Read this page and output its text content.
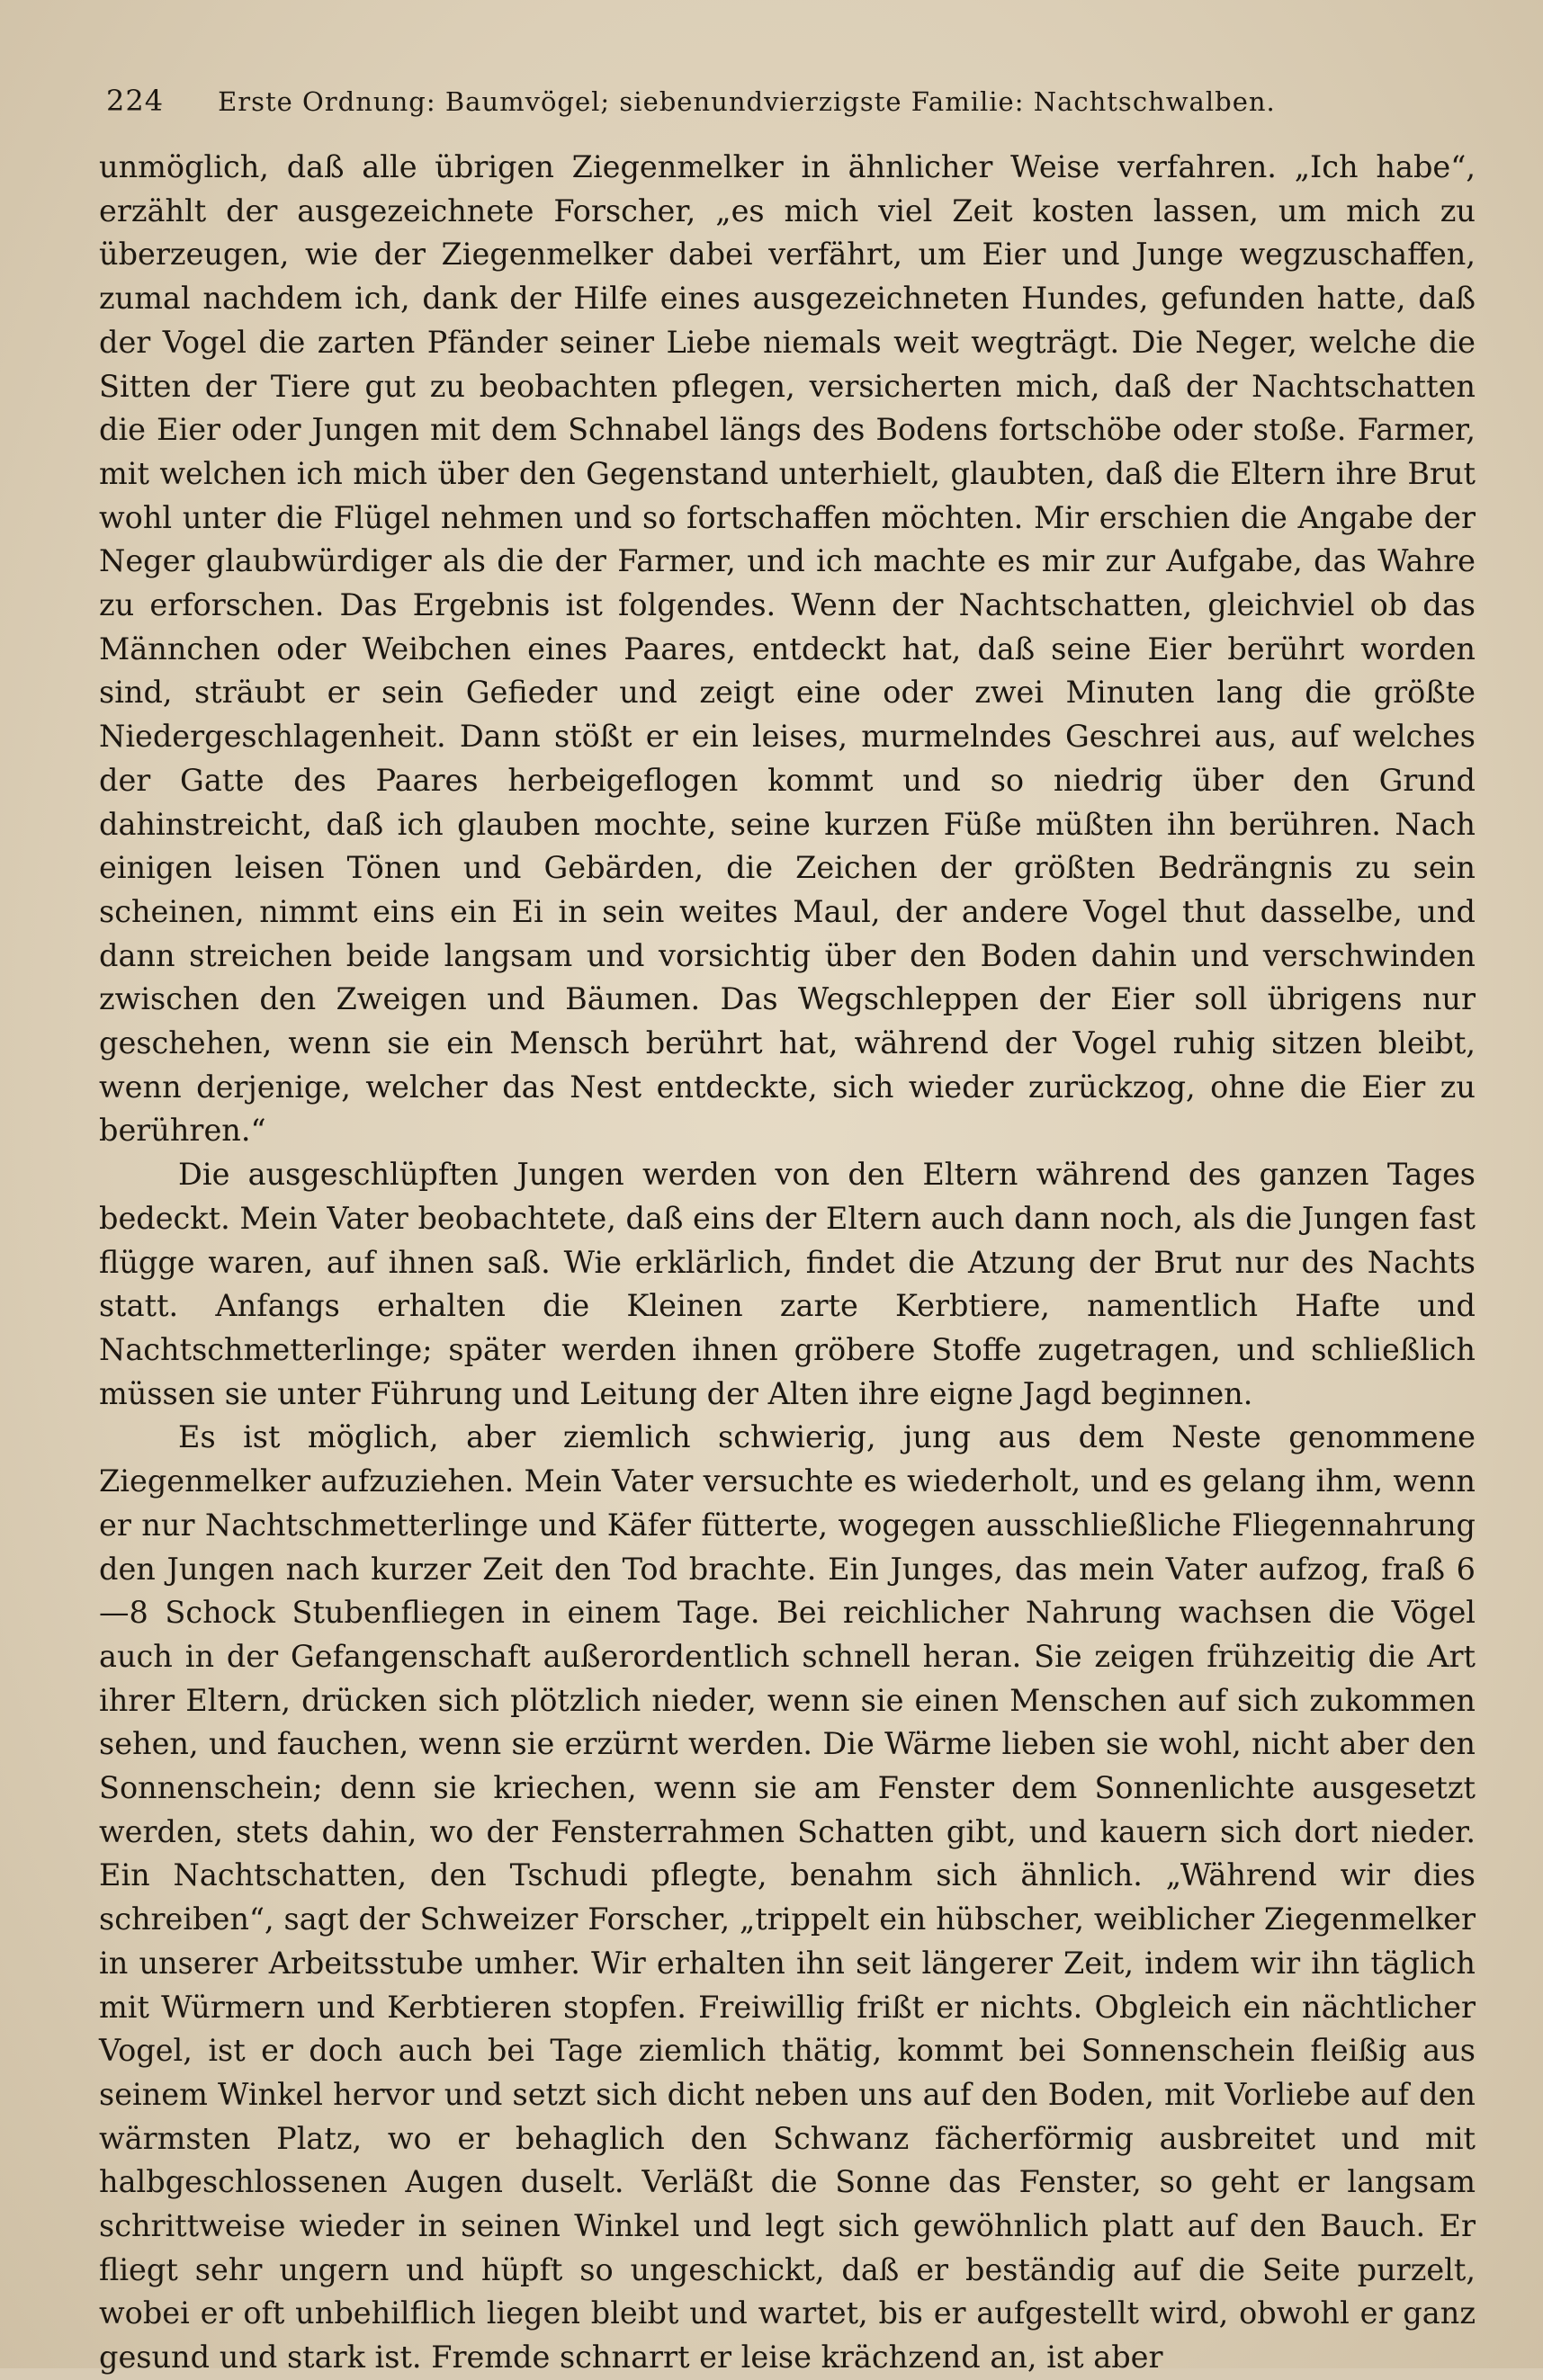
224 Erste Ordnung: Baumvögel; siebenundvierzigste Familie: Nachtschwalben.

unmöglich, daß alle übrigen Ziegenmelker in ähnlicher Weise verfahren. „Ich habe“, erzählt der ausgezeichnete Forscher, „es mich viel Zeit kosten lassen, um mich zu überzeugen, wie der Ziegenmelker dabei verfährt, um Eier und Junge wegzuschaffen, zumal nachdem ich, dank der Hilfe eines ausgezeichneten Hundes, gefunden hatte, daß der Vogel die zarten Pfänder seiner Liebe niemals weit wegträgt. Die Neger, welche die Sitten der Tiere gut zu beobachten pflegen, versicherten mich, daß der Nachtschatten die Eier oder Jungen mit dem Schnabel längs des Bodens fortschöbe oder stoße. Farmer, mit welchen ich mich über den Gegenstand unterhielt, glaubten, daß die Eltern ihre Brut wohl unter die Flügel nehmen und so fortschaffen möchten. Mir erschien die Angabe der Neger glaubwürdiger als die der Farmer, und ich machte es mir zur Aufgabe, das Wahre zu erforschen. Das Ergebnis ist folgendes. Wenn der Nachtschatten, gleichviel ob das Männchen oder Weibchen eines Paares, entdeckt hat, daß seine Eier berührt worden sind, sträubt er sein Gefieder und zeigt eine oder zwei Minuten lang die größte Niedergeschlagenheit. Dann stößt er ein leises, murmelndes Geschrei aus, auf welches der Gatte des Paares herbeigeflogen kommt und so niedrig über den Grund dahinstreicht, daß ich glauben mochte, seine kurzen Füße müßten ihn berühren. Nach einigen leisen Tönen und Gebärden, die Zeichen der größten Bedrängnis zu sein scheinen, nimmt eins ein Ei in sein weites Maul, der andere Vogel thut dasselbe, und dann streichen beide langsam und vorsichtig über den Boden dahin und verschwinden zwischen den Zweigen und Bäumen. Das Wegschleppen der Eier soll übrigens nur geschehen, wenn sie ein Mensch berührt hat, während der Vogel ruhig sitzen bleibt, wenn derjenige, welcher das Nest entdeckte, sich wieder zurückzog, ohne die Eier zu berühren.“

Die ausgeschlüpften Jungen werden von den Eltern während des ganzen Tages bedeckt. Mein Vater beobachtete, daß eins der Eltern auch dann noch, als die Jungen fast flügge waren, auf ihnen saß. Wie erklärlich, findet die Atzung der Brut nur des Nachts statt. Anfangs erhalten die Kleinen zarte Kerbtiere, namentlich Hafte und Nachtschmetterlinge; später werden ihnen gröbere Stoffe zugetragen, und schließlich müssen sie unter Führung und Leitung der Alten ihre eigne Jagd beginnen.

Es ist möglich, aber ziemlich schwierig, jung aus dem Neste genommene Ziegenmelker aufzuziehen. Mein Vater versuchte es wiederholt, und es gelang ihm, wenn er nur Nachtschmetterlinge und Käfer fütterte, wogegen ausschließliche Fliegennahrung den Jungen nach kurzer Zeit den Tod brachte. Ein Junges, das mein Vater aufzog, fraß 6—8 Schock Stubenfliegen in einem Tage. Bei reichlicher Nahrung wachsen die Vögel auch in der Gefangenschaft außerordentlich schnell heran. Sie zeigen frühzeitig die Art ihrer Eltern, drücken sich plötzlich nieder, wenn sie einen Menschen auf sich zukommen sehen, und fauchen, wenn sie erzürnt werden. Die Wärme lieben sie wohl, nicht aber den Sonnenschein; denn sie kriechen, wenn sie am Fenster dem Sonnenlichte ausgesetzt werden, stets dahin, wo der Fensterrahmen Schatten gibt, und kauern sich dort nieder. Ein Nachtschatten, den Tschudi pflegte, benahm sich ähnlich. „Während wir dies schreiben“, sagt der Schweizer Forscher, „trippelt ein hübscher, weiblicher Ziegenmelker in unserer Arbeitsstube umher. Wir erhalten ihn seit längerer Zeit, indem wir ihn täglich mit Würmern und Kerbtieren stopfen. Freiwillig frißt er nichts. Obgleich ein nächtlicher Vogel, ist er doch auch bei Tage ziemlich thätig, kommt bei Sonnenschein fleißig aus seinem Winkel hervor und setzt sich dicht neben uns auf den Boden, mit Vorliebe auf den wärmsten Platz, wo er behaglich den Schwanz fächerförmig ausbreitet und mit halbgeschlossenen Augen duselt. Verläßt die Sonne das Fenster, so geht er langsam schrittweise wieder in seinen Winkel und legt sich gewöhnlich platt auf den Bauch. Er fliegt sehr ungern und hüpft so ungeschickt, daß er beständig auf die Seite purzelt, wobei er oft unbehilflich liegen bleibt und wartet, bis er aufgestellt wird, obwohl er ganz gesund und stark ist. Fremde schnarrt er leise krächzend an, ist aber
